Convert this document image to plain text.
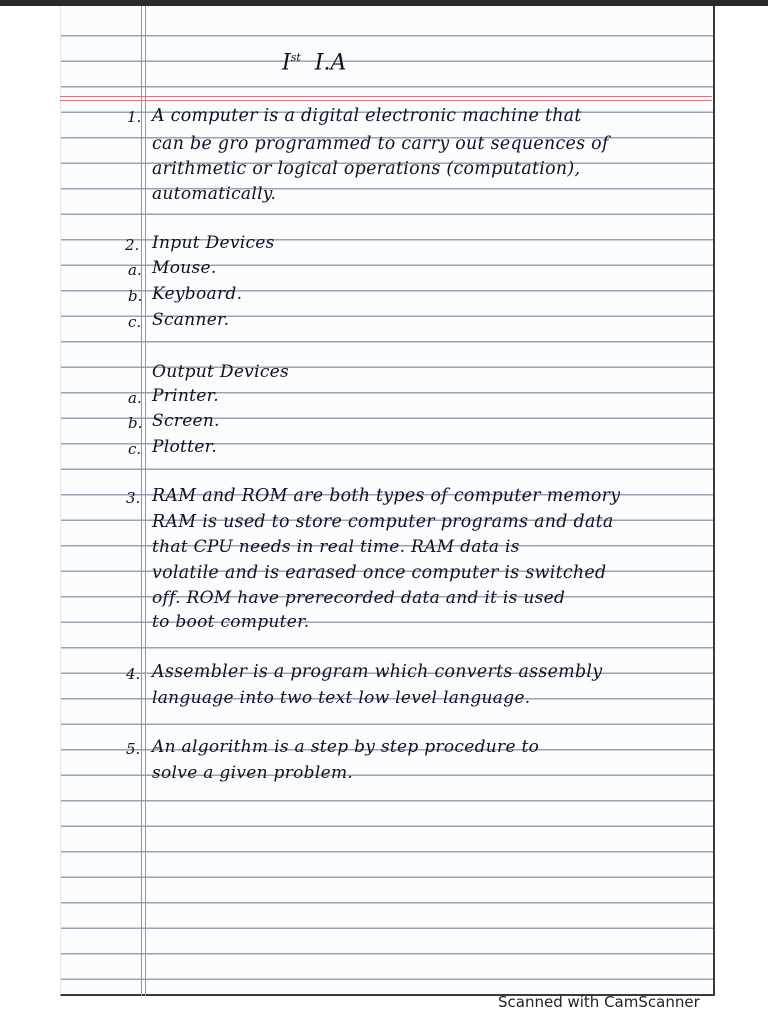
Ist  I.A

1. A computer is a digital electronic machine that

can be gro programmed to carry out sequences of

arithmetic or logical operations (computation),

automatically.

2. Input Devices

a. Mouse.

b. Keyboard.

c. Scanner.

Output Devices

a. Printer.

b. Screen.

c. Plotter.

3. RAM and ROM are both types of computer memory

RAM is used to store computer programs and data

that CPU needs in real time. RAM data is

volatile and is earased once computer is switched

off. ROM have prerecorded data and it is used

to boot computer.

4. Assembler is a program which converts assembly

language into two text low level language.

5. An algorithm is a step by step procedure to

solve a given problem.

Scanned with CamScanner
